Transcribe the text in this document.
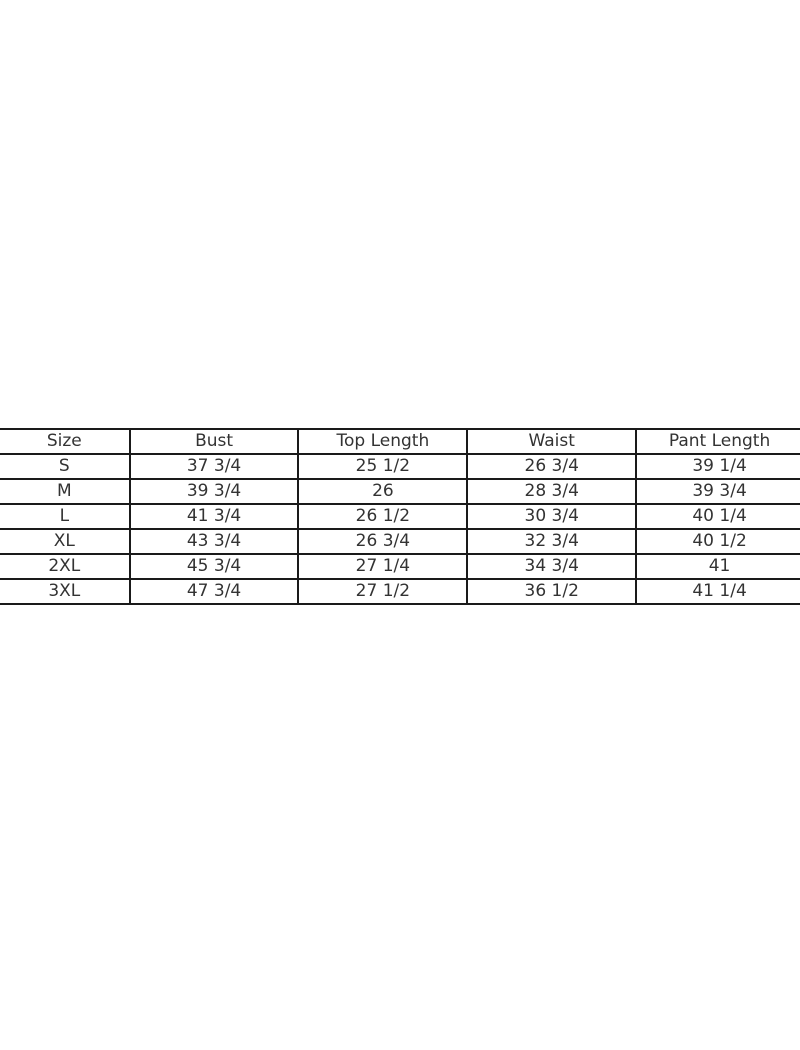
Size	Bust	Top Length	Waist	Pant Length
S	37 3/4	25 1/2	26 3/4	39 1/4
M	39 3/4	26	28 3/4	39 3/4
L	41 3/4	26 1/2	30 3/4	40 1/4
XL	43 3/4	26 3/4	32 3/4	40 1/2
2XL	45 3/4	27 1/4	34 3/4	41
3XL	47 3/4	27 1/2	36 1/2	41 1/4
